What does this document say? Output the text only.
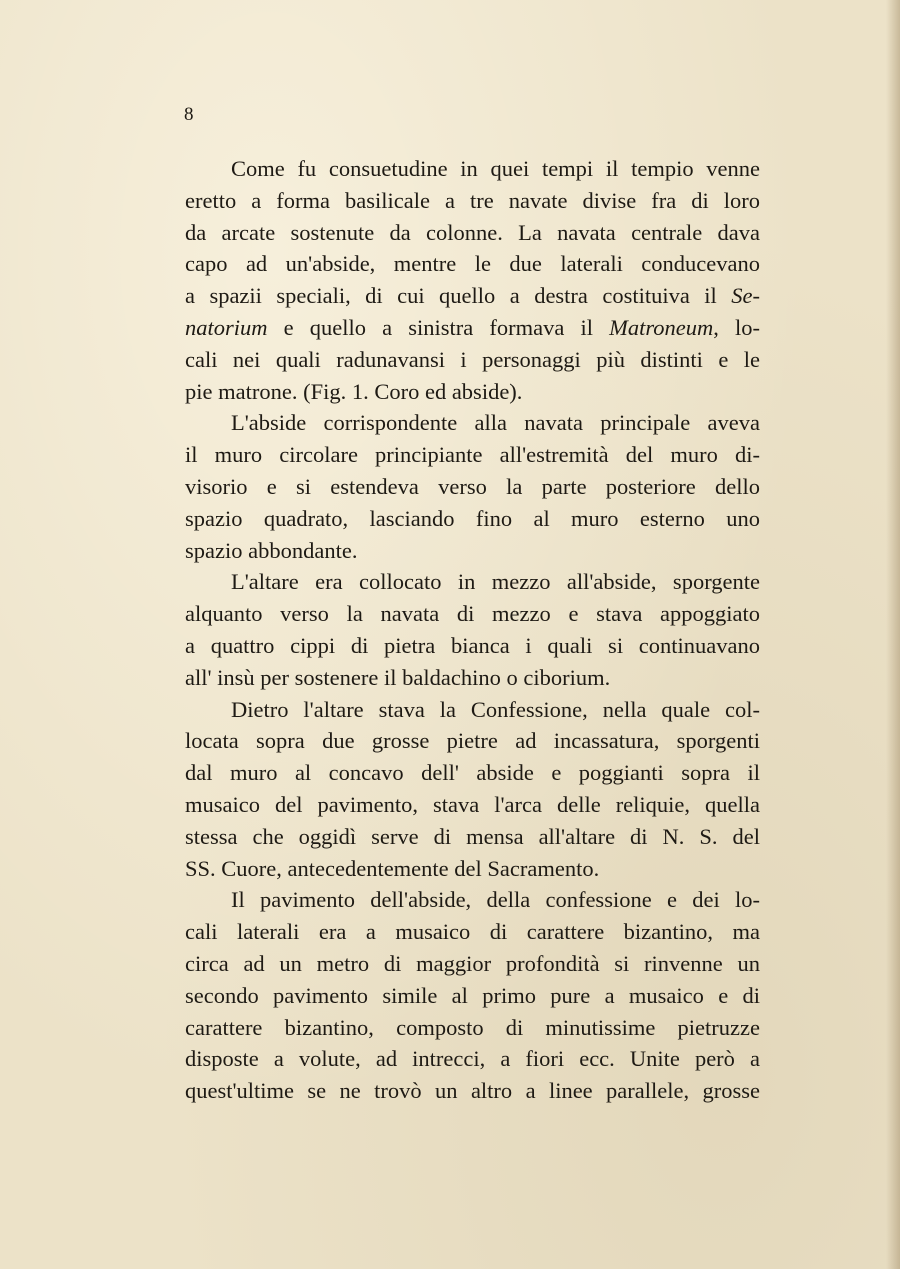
8

Come fu consuetudine in quei tempi il tempio venne
eretto a forma basilicale a tre navate divise fra di loro
da arcate sostenute da colonne. La navata centrale dava
capo ad un'abside, mentre le due laterali conducevano
a spazii speciali, di cui quello a destra costituiva il Se-
natorium e quello a sinistra formava il Matroneum, lo-
cali nei quali radunavansi i personaggi più distinti e le
pie matrone. (Fig. 1. Coro ed abside).

L'abside corrispondente alla navata principale aveva
il muro circolare principiante all'estremità del muro di-
visorio e si estendeva verso la parte posteriore dello
spazio quadrato, lasciando fino al muro esterno uno
spazio abbondante.

L'altare era collocato in mezzo all'abside, sporgente
alquanto verso la navata di mezzo e stava appoggiato
a quattro cippi di pietra bianca i quali si continuavano
all' insù per sostenere il baldachino o ciborium.

Dietro l'altare stava la Confessione, nella quale col-
locata sopra due grosse pietre ad incassatura, sporgenti
dal muro al concavo dell' abside e poggianti sopra il
musaico del pavimento, stava l'arca delle reliquie, quella
stessa che oggidì serve di mensa all'altare di N. S. del
SS. Cuore, antecedentemente del Sacramento.

Il pavimento dell'abside, della confessione e dei lo-
cali laterali era a musaico di carattere bizantino, ma
circa ad un metro di maggior profondità si rinvenne un
secondo pavimento simile al primo pure a musaico e di
carattere bizantino, composto di minutissime pietruzze
disposte a volute, ad intrecci, a fiori ecc. Unite però a
quest'ultime se ne trovò un altro a linee parallele, grosse
